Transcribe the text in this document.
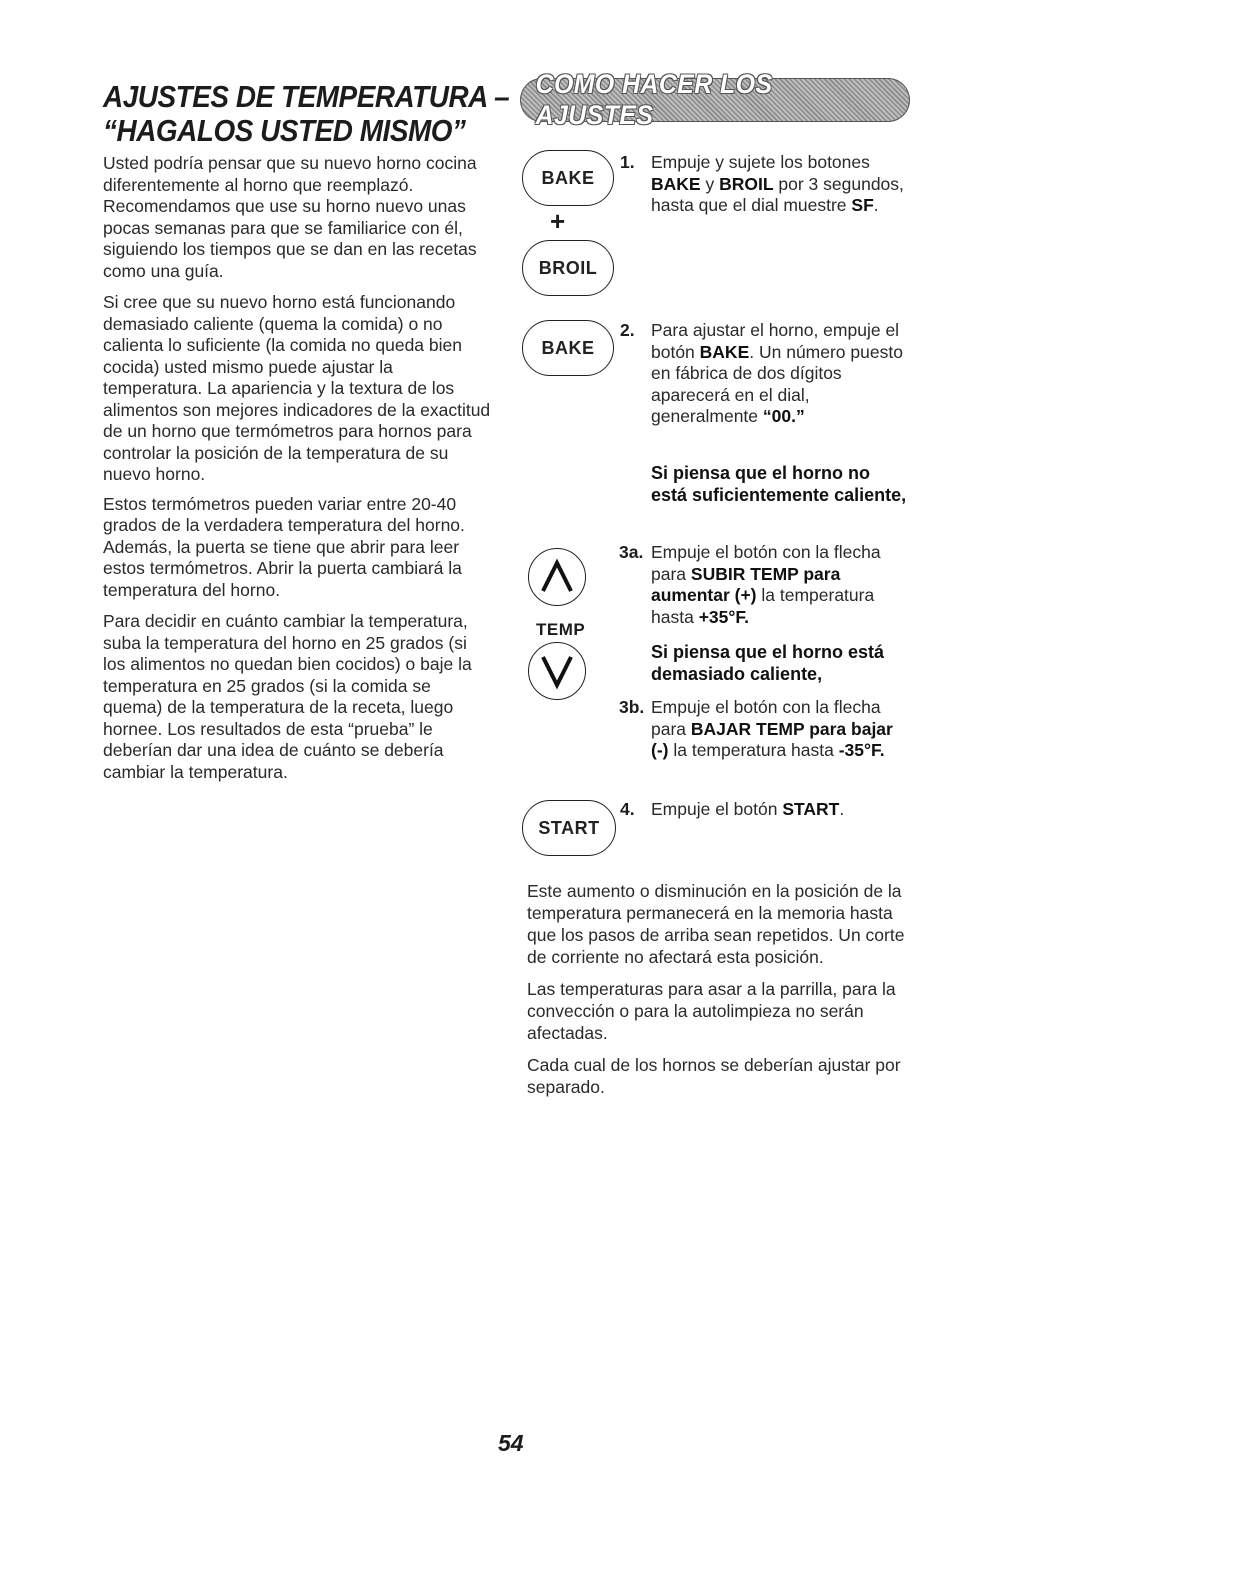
AJUSTES DE TEMPERATURA –
“HAGALOS USTED MISMO”

Usted podría pensar que su nuevo horno cocina diferentemente al horno que reemplazó. Recomendamos que use su horno nuevo unas pocas semanas para que se familiarice con él, siguiendo los tiempos que se dan en las recetas como una guía.

Si cree que su nuevo horno está funcionando demasiado caliente (quema la comida) o no calienta lo suficiente (la comida no queda bien cocida) usted mismo puede ajustar la temperatura. La apariencia y la textura de los alimentos son mejores indicadores de la exactitud de un horno que termómetros para hornos para controlar la posición de la temperatura de su nuevo horno.

Estos termómetros pueden variar entre 20-40 grados de la verdadera temperatura del horno. Además, la puerta se tiene que abrir para leer estos termómetros. Abrir la puerta cambiará la temperatura del horno.

Para decidir en cuánto cambiar la temperatura, suba la temperatura del horno en 25 grados (si los alimentos no quedan bien cocidos) o baje la temperatura en 25 grados (si la comida se quema) de la temperatura de la receta, luego hornee. Los resultados de esta “prueba” le deberían dar una idea de cuánto se debería cambiar la temperatura.

COMO HACER LOS AJUSTES
BAKE
+
BROIL
1. Empuje y sujete los botones
BAKE y BROIL por 3 segundos, hasta que el dial muestre SF.
BAKE
2. Para ajustar el horno, empuje el botón BAKE. Un número puesto en fábrica de dos dígitos aparecerá en el dial, generalmente “00.”
Si piensa que el horno no está suficientemente caliente,
TEMP
3a. Empuje el botón con la flecha para SUBIR TEMP para aumentar (+) la temperatura hasta +35°F.
Si piensa que el horno está demasiado caliente,
3b. Empuje el botón con la flecha para BAJAR TEMP para bajar (-) la temperatura hasta -35°F.
START
4. Empuje el botón START.

Este aumento o disminución en la posición de la temperatura permanecerá en la memoria hasta que los pasos de arriba sean repetidos. Un corte de corriente no afectará esta posición.

Las temperaturas para asar a la parrilla, para la convección o para la autolimpieza no serán afectadas.

Cada cual de los hornos se deberían ajustar por separado.

54
